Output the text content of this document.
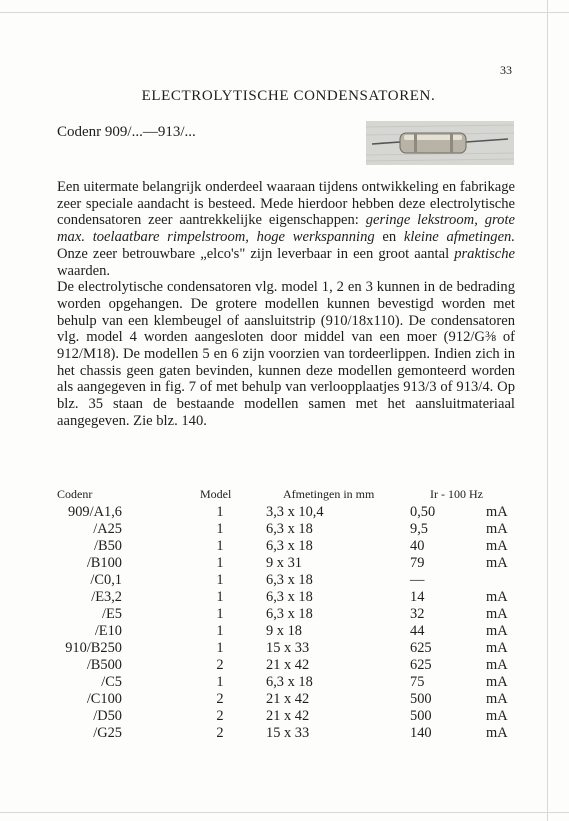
33
ELECTROLYTISCHE CONDENSATOREN.
Codenr 909/...—913/...
Een uitermate belangrijk onderdeel waaraan tijdens ontwikkeling en fabrikage zeer speciale aandacht is besteed. Mede hierdoor hebben deze electrolytische condensatoren zeer aantrekkelijke eigenschappen: geringe lekstroom, grote max. toelaatbare rimpelstroom, hoge werkspanning en kleine afmetingen. Onze zeer betrouwbare „elco's" zijn leverbaar in een groot aantal praktische waarden.
De electrolytische condensatoren vlg. model 1, 2 en 3 kunnen in de bedrading worden opgehangen. De grotere modellen kunnen bevestigd worden met behulp van een klembeugel of aansluitstrip (910/18x110). De condensatoren vlg. model 4 worden aangesloten door middel van een moer (912/G⅜ of 912/M18). De modellen 5 en 6 zijn voorzien van tordeerlippen. Indien zich in het chassis geen gaten bevinden, kunnen deze modellen gemonteerd worden als aangegeven in fig. 7 of met behulp van verloopplaatjes 913/3 of 913/4. Op blz. 35 staan de bestaande modellen samen met het aansluitmateriaal aangegeven. Zie blz. 140.
Codenr	Model	Afmetingen in mm	Ir - 100 Hz
909/A1,6	1	3,3 x 10,4	0,50	mA
/A25	1	6,3 x 18	9,5	mA
/B50	1	6,3 x 18	40	mA
/B100	1	9 x 31	79	mA
/C0,1	1	6,3 x 18	—
/E3,2	1	6,3 x 18	14	mA
/E5	1	6,3 x 18	32	mA
/E10	1	9 x 18	44	mA
910/B250	1	15 x 33	625	mA
/B500	2	21 x 42	625	mA
/C5	1	6,3 x 18	75	mA
/C100	2	21 x 42	500	mA
/D50	2	21 x 42	500	mA
/G25	2	15 x 33	140	mA
